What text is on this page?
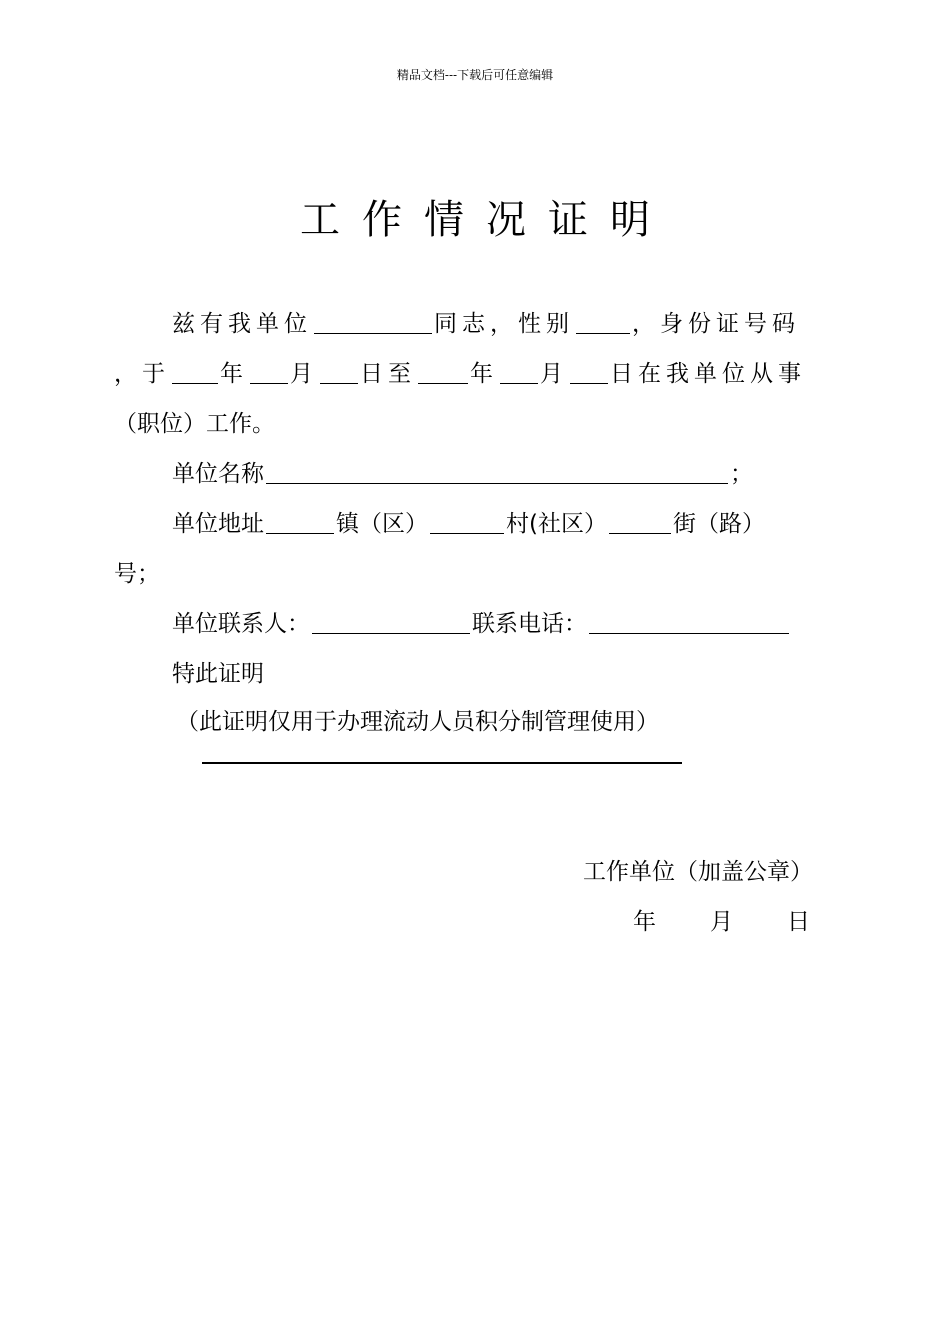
精品文档---下载后可任意编辑
工作情况证明
兹有我单位	同志，性别	，身份证号码
，于 年 月 日至 年 月 日在我单位从事
（职位）工作。
单位名称	；
单位地址	镇（区）	村(社区）	街（路）
号；
单位联系人：	联系电话：
特此证明
（此证明仅用于办理流动人员积分制管理使用）
工作单位（加盖公章）
年 月 日
